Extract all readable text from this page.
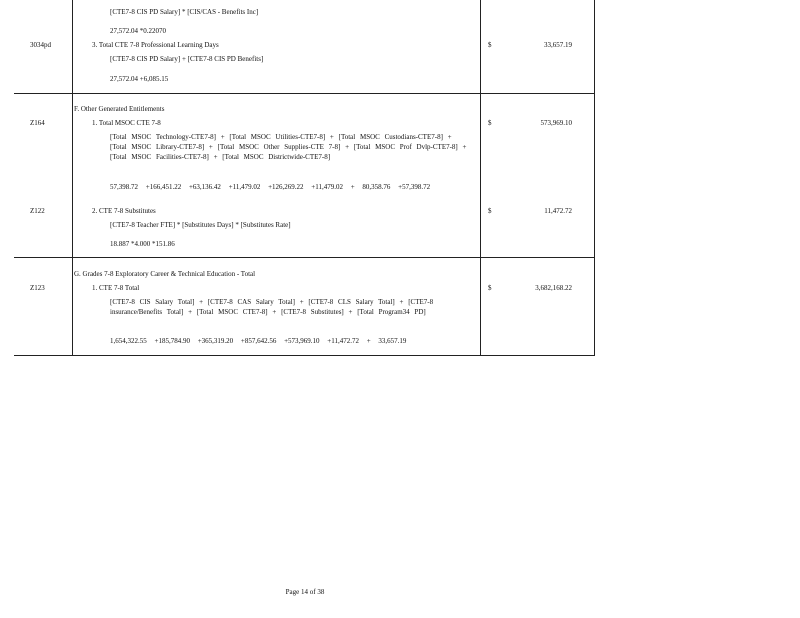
[CTE7-8 CIS PD Salary] * [CIS/CAS - Benefits Inc]
27,572.04 *0.22070
3034pd	3. Total CTE 7-8 Professional Learning Days	$	33,657.19
[CTE7-8 CIS PD Salary] + [CTE7-8 CIS PD Benefits]
27,572.04 +6,085.15
F. Other Generated Entitlements
Z164	1. Total MSOC CTE 7-8	$	573,969.10
[Total MSOC Technology-CTE7-8] + [Total MSOC Utilities-CTE7-8] + [Total MSOC Custodians-CTE7-8] + [Total MSOC Library-CTE7-8] + [Total MSOC Other Supplies-CTE 7-8] + [Total MSOC Prof Dvlp-CTE7-8] + [Total MSOC Facilities-CTE7-8] + [Total MSOC Districtwide-CTE7-8]
57,398.72 +166,451.22 +63,136.42 +11,479.02 +126,269.22 +11,479.02 + 80,358.76 +57,398.72
Z122	2. CTE 7-8 Substitutes	$	11,472.72
[CTE7-8 Teacher FTE] * [Substitutes Days] * [Substitutes Rate]
18.887 *4.000 *151.86
G. Grades 7-8 Exploratory Career & Technical Education - Total
Z123	1. CTE 7-8 Total	$	3,682,168.22
[CTE7-8 CIS Salary Total] + [CTE7-8 CAS Salary Total] + [CTE7-8 CLS Salary Total] + [CTE7-8 insurance/Benefits Total] + [Total MSOC CTE7-8] + [CTE7-8 Substitutes] + [Total Program34 PD]
1,654,322.55 +185,784.90 +365,319.20 +857,642.56 +573,969.10 +11,472.72 + 33,657.19
Page 14 of 38
